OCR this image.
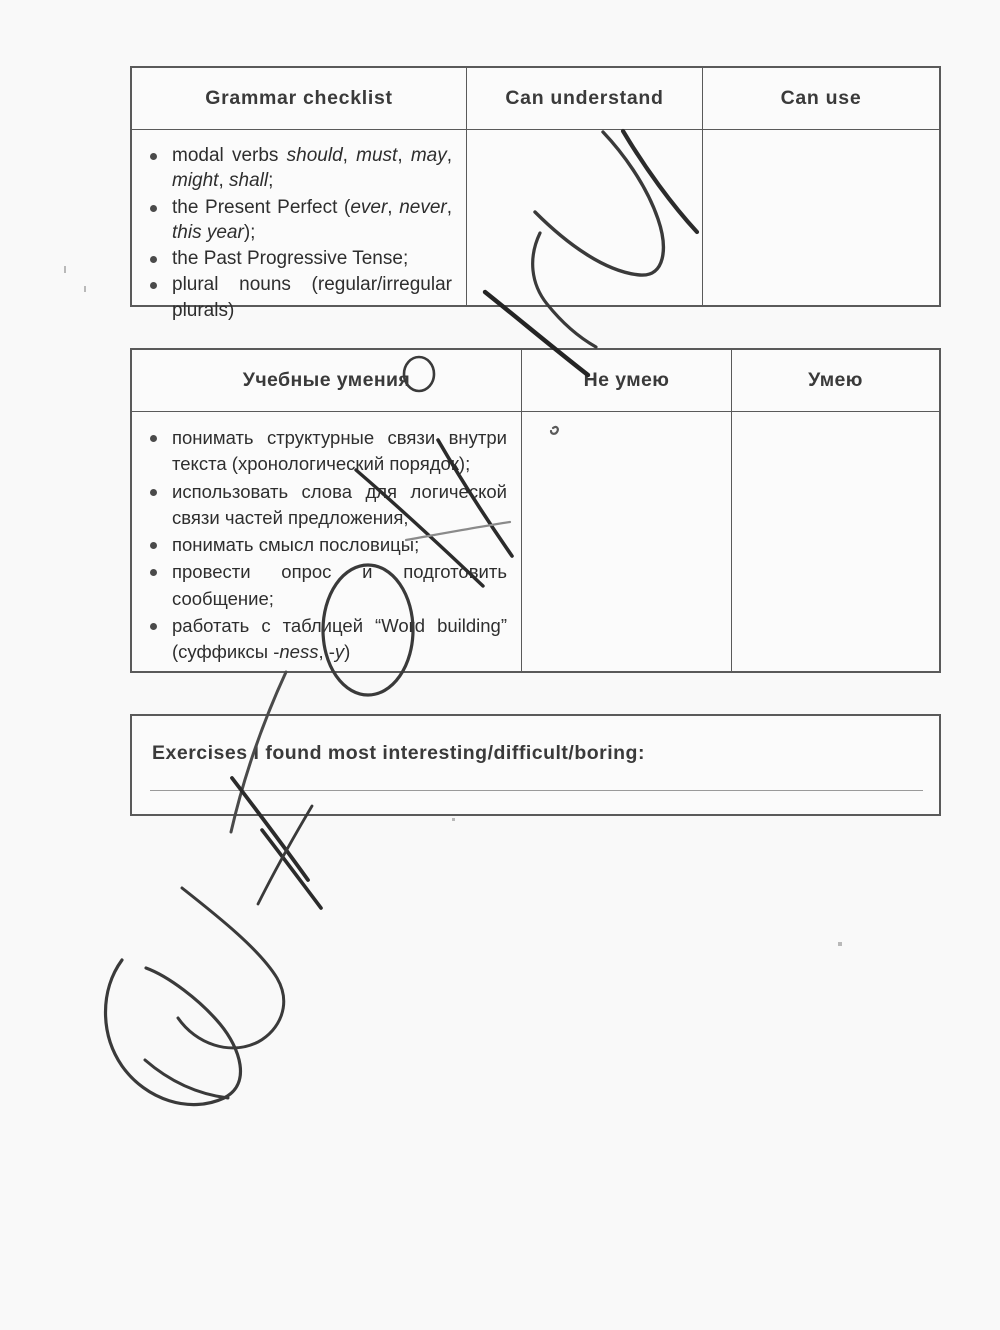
Grammar checklist	Can understand	Can use
modal verbs should, must, may, might, shall;
the Present Perfect (ever, never, this year);
the Past Progressive Tense;
plural nouns (regular/irregular plurals)
Учебные умения	Не умею	Умею
понимать структурные связи внутри текста (хронологический порядок);
использовать слова для логической связи частей предложения;
понимать смысл пословицы;
провести опрос и подготовить сообщение;
работать с таблицей “Word building” (суффиксы -ness, -y)
Exercises I found most interesting/difficult/boring:
